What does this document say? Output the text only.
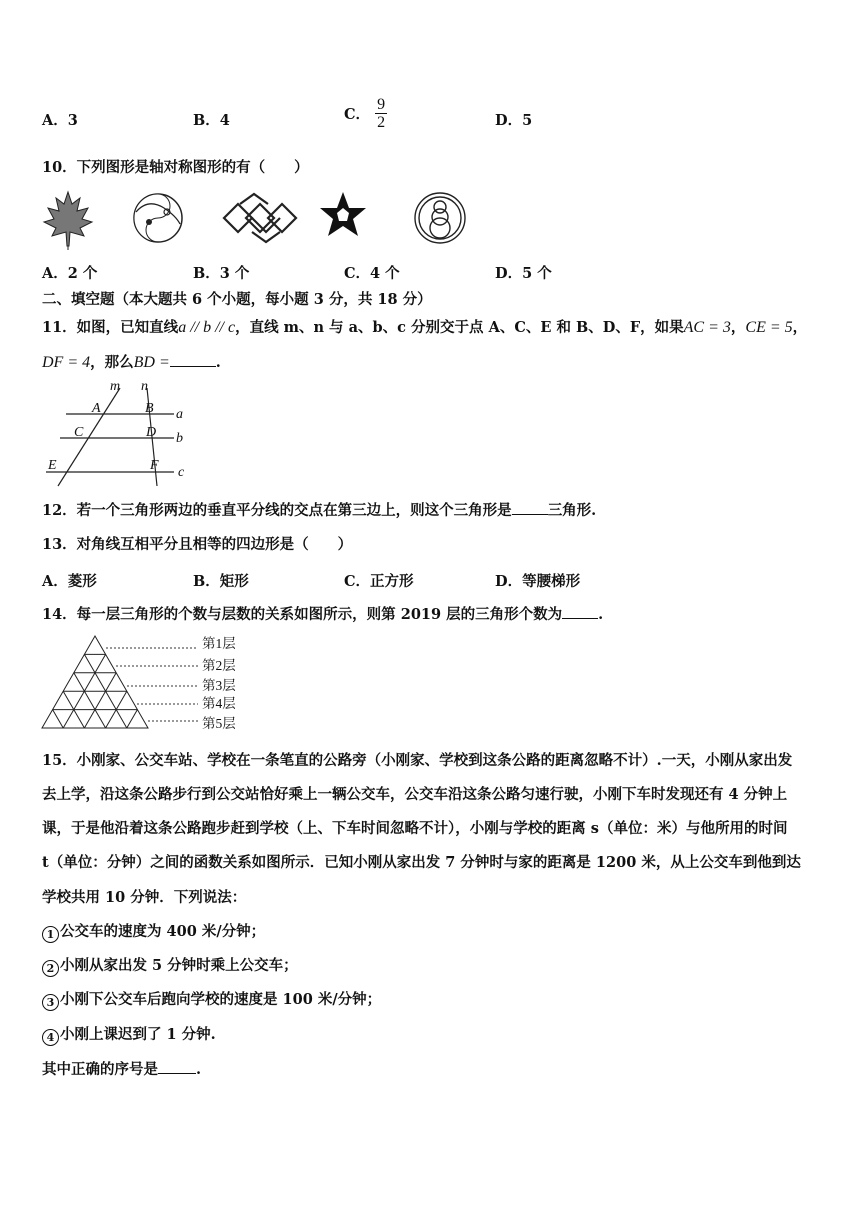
A．3	B．4	C． $\frac{9}{2}$	D．5
10．下列图形是轴对称图形的有（　　）
A．2 个	B．3 个	C．4 个	D．5 个
二、填空题（本大题共 6 个小题，每小题 3 分，共 18 分）
11．如图，已知直线a // b // c，直线 m、n 与 a、b、c 分别交于点 A、C、E 和 B、D、F，如果AC = 3，CE = 5，
DF = 4，那么BD =	.
m n
A	B
C	D
E	F
a
b
c
12．若一个三角形两边的垂直平分线的交点在第三边上，则这个三角形是 三角形.
13．对角线互相平分且相等的四边形是（　　）
A．菱形	B．矩形	C．正方形	D．等腰梯形
14．每一层三角形的个数与层数的关系如图所示，则第 2019 层的三角形个数为 .
第1层
第2层
第3层
第4层
第5层
15．小刚家、公交车站、学校在一条笔直的公路旁（小刚家、学校到这条公路的距离忽略不计）.一天，小刚从家出发
去上学，沿这条公路步行到公交站恰好乘上一辆公交车，公交车沿这条公路匀速行驶，小刚下车时发现还有 4 分钟上
课，于是他沿着这条公路跑步赶到学校（上、下车时间忽略不计），小刚与学校的距离 s（单位：米）与他所用的时间
t（单位：分钟）之间的函数关系如图所示．已知小刚从家出发 7 分钟时与家的距离是 1200 米，从上公交车到他到达
学校共用 10 分钟．下列说法：
1 公交车的速度为 400 米/分钟；
2 小刚从家出发 5 分钟时乘上公交车；
3 小刚下公交车后跑向学校的速度是 100 米/分钟；
4 小刚上课迟到了 1 分钟.
其中正确的序号是	.
